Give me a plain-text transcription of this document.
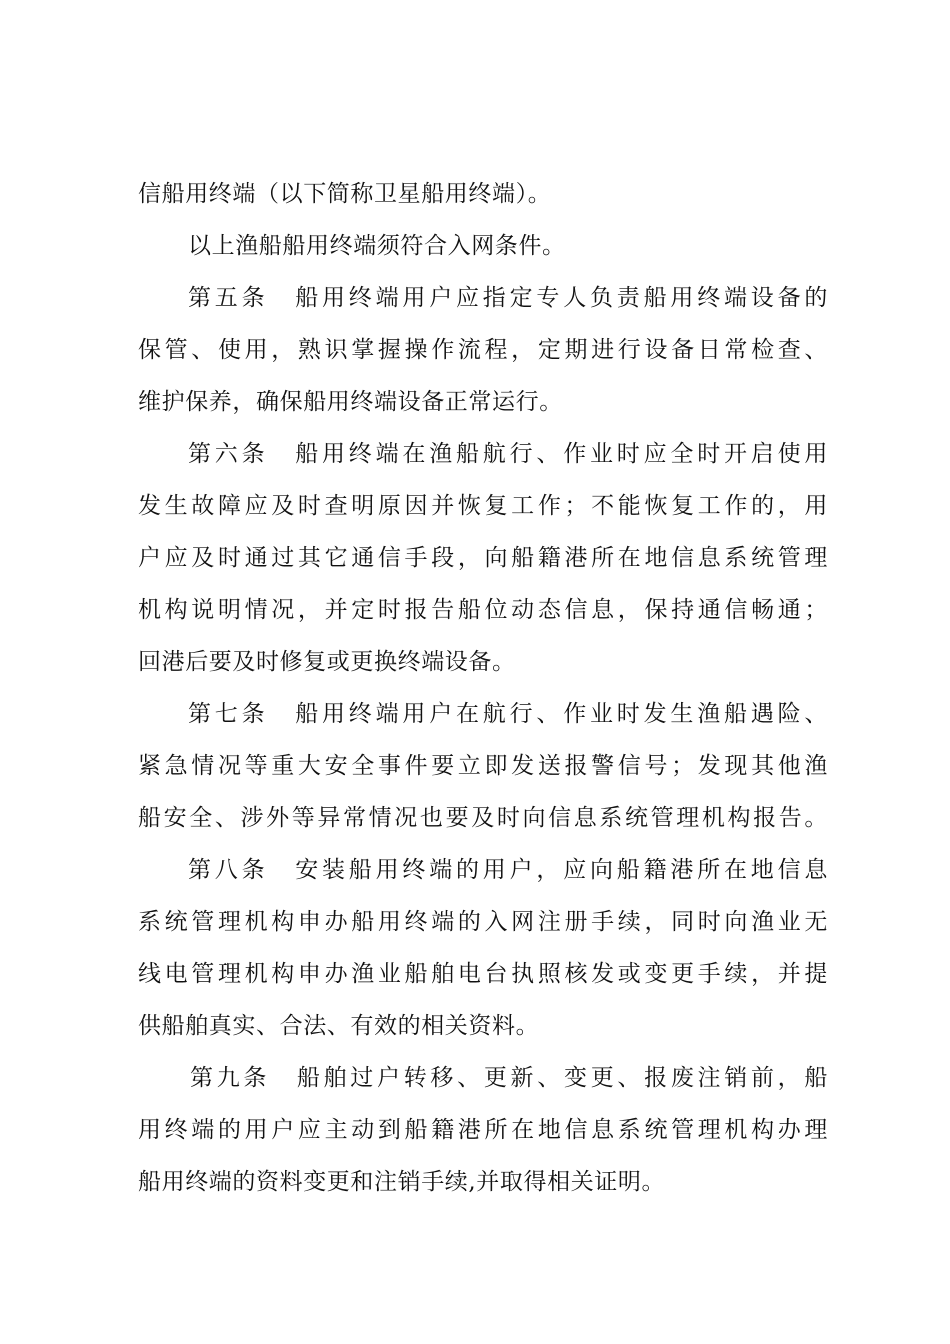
信船用终端（以下简称卫星船用终端）。
以上渔船船用终端须符合入网条件。
第五条　船用终端用户应指定专人负责船用终端设备的
保管、使用，熟识掌握操作流程，定期进行设备日常检查、
维护保养，确保船用终端设备正常运行。
第六条　船用终端在渔船航行、作业时应全时开启使用
发生故障应及时查明原因并恢复工作；不能恢复工作的，用
户应及时通过其它通信手段，向船籍港所在地信息系统管理
机构说明情况，并定时报告船位动态信息，保持通信畅通；
回港后要及时修复或更换终端设备。
第七条　船用终端用户在航行、作业时发生渔船遇险、
紧急情况等重大安全事件要立即发送报警信号；发现其他渔
船安全、涉外等异常情况也要及时向信息系统管理机构报告。
第八条　安装船用终端的用户，应向船籍港所在地信息
系统管理机构申办船用终端的入网注册手续，同时向渔业无
线电管理机构申办渔业船舶电台执照核发或变更手续，并提
供船舶真实、合法、有效的相关资料。
第九条　船舶过户转移、更新、变更、报废注销前，船
用终端的用户应主动到船籍港所在地信息系统管理机构办理
船用终端的资料变更和注销手续,并取得相关证明。
